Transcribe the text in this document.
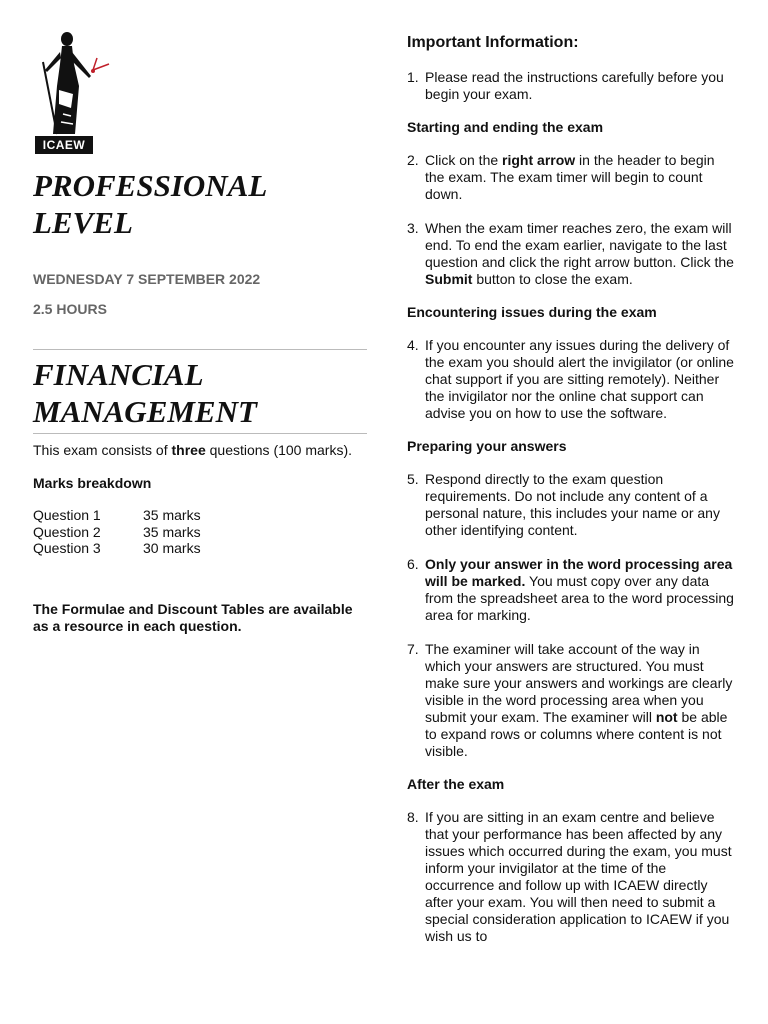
ICAEW
PROFESSIONAL
LEVEL
WEDNESDAY 7 SEPTEMBER 2022
2.5 HOURS
FINANCIAL
MANAGEMENT
This exam consists of three questions (100 marks).
Marks breakdown
Question 1	35 marks
Question 2	35 marks
Question 3	30 marks
The Formulae and Discount Tables are available as a resource in each question.
Important Information:
1. Please read the instructions carefully before you begin your exam.
Starting and ending the exam
2. Click on the right arrow in the header to begin the exam. The exam timer will begin to count down.
3. When the exam timer reaches zero, the exam will end. To end the exam earlier, navigate to the last question and click the right arrow button. Click the Submit button to close the exam.
Encountering issues during the exam
4. If you encounter any issues during the delivery of the exam you should alert the invigilator (or online chat support if you are sitting remotely). Neither the invigilator nor the online chat support can advise you on how to use the software.
Preparing your answers
5. Respond directly to the exam question requirements. Do not include any content of a personal nature, this includes your name or any other identifying content.
6. Only your answer in the word processing area will be marked. You must copy over any data from the spreadsheet area to the word processing area for marking.
7. The examiner will take account of the way in which your answers are structured. You must make sure your answers and workings are clearly visible in the word processing area when you submit your exam. The examiner will not be able to expand rows or columns where content is not visible.
After the exam
8. If you are sitting in an exam centre and believe that your performance has been affected by any issues which occurred during the exam, you must inform your invigilator at the time of the occurrence and follow up with ICAEW directly after your exam. You will then need to submit a special consideration application to ICAEW if you wish us to
